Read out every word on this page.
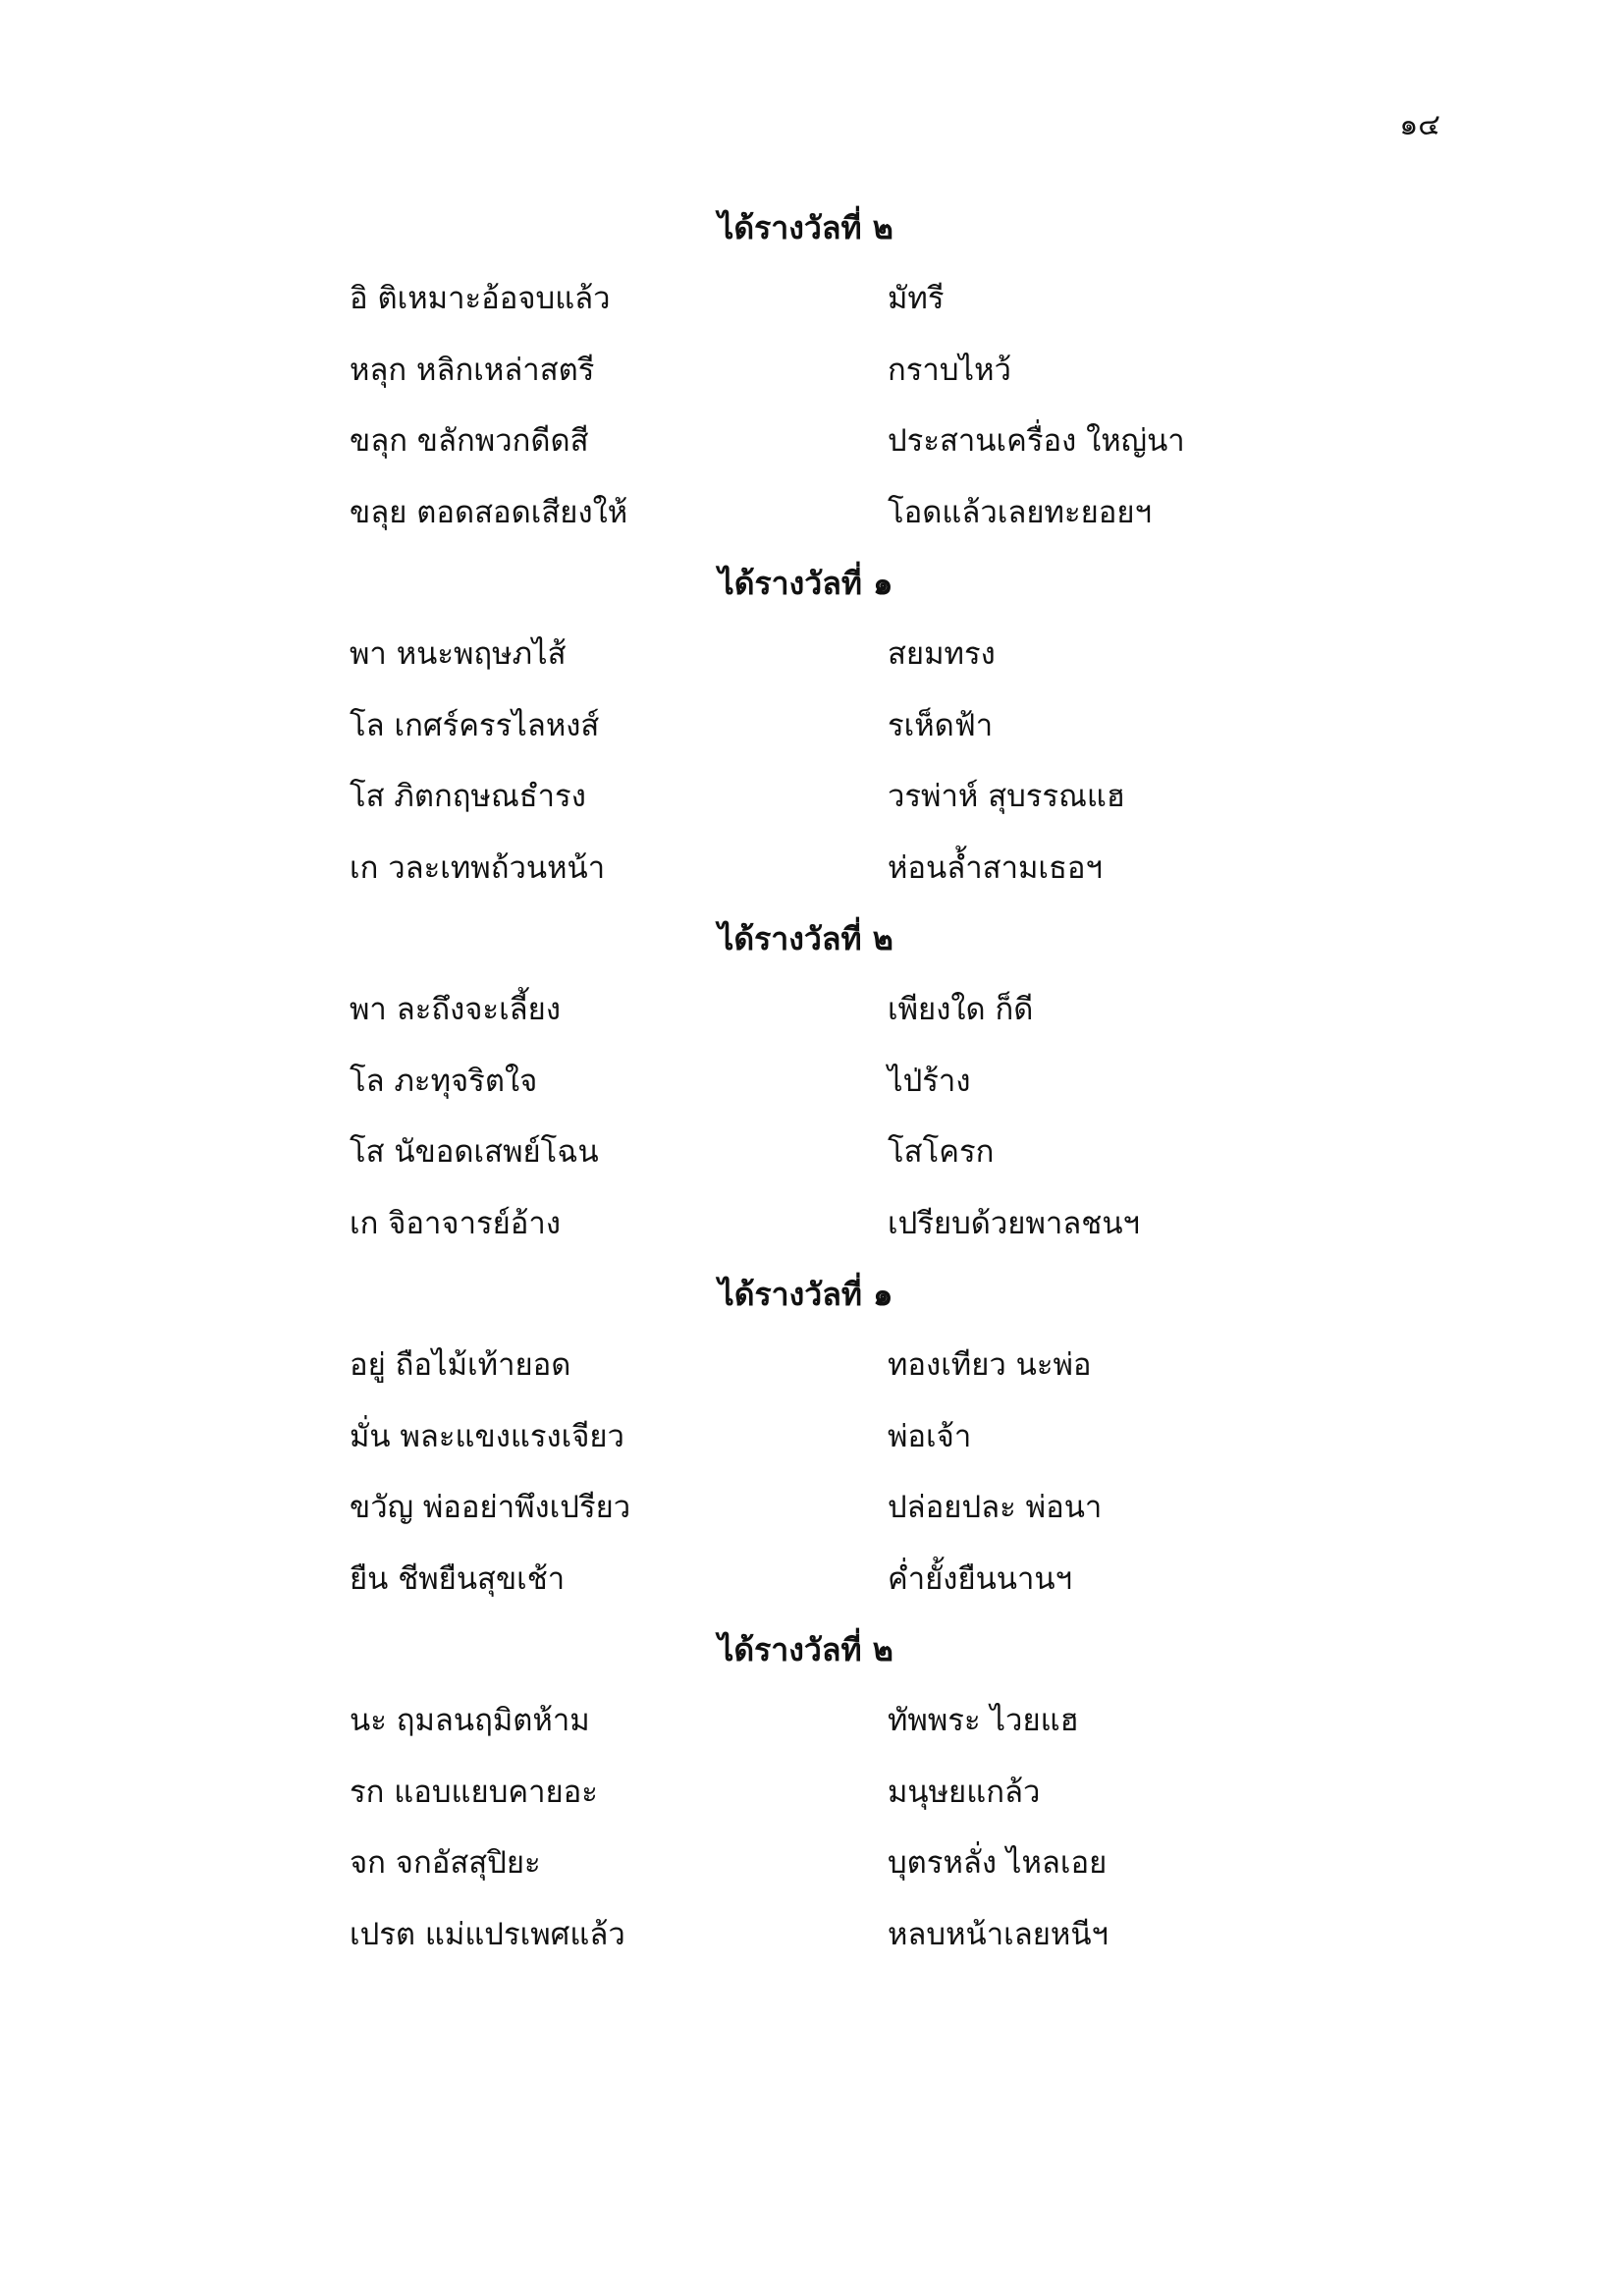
๑๔
ได้รางวัลที่ ๒
อิ ติเหมาะอ้อจบแล้ว	มัทรี
หลุก หลิกเหล่าสตรี	กราบไหว้
ขลุก ขลักพวกดีดสี	ประสานเครื่อง ใหญ่นา
ขลุย ตอดสอดเสียงให้	โอดแล้วเลยทะยอยฯ
ได้รางวัลที่ ๑
พา หนะพฤษภไส้	สยมทรง
โล เกศร์ครรไลหงส์	รเห็ดฟ้า
โส ภิตกฤษณธำรง	วรพ่าห์ สุบรรณแฮ
เก วละเทพถ้วนหน้า	ห่อนล้ำสามเธอฯ
ได้รางวัลที่ ๒
พา ละถึงจะเลี้ยง	เพียงใด ก็ดี
โล ภะทุจริตใจ	ไป่ร้าง
โส นัขอดเสพย์โฉน	โสโครก
เก จิอาจารย์อ้าง	เปรียบด้วยพาลชนฯ
ได้รางวัลที่ ๑
อยู่ ถือไม้เท้ายอด	ทองเทียว นะพ่อ
มั่น พละแขงแรงเจียว	พ่อเจ้า
ขวัญ พ่ออย่าพึงเปรียว	ปล่อยปละ พ่อนา
ยืน ชีพยืนสุขเช้า	ค่ำยั้งยืนนานฯ
ได้รางวัลที่ ๒
นะ ฤมลนฤมิตห้าม	ทัพพระ ไวยแฮ
รก แอบแยบคายอะ	มนุษยแกล้ว
จก จกอัสสุปิยะ	บุตรหลั่ง ไหลเอย
เปรต แม่แปรเพศแล้ว	หลบหน้าเลยหนีฯ
